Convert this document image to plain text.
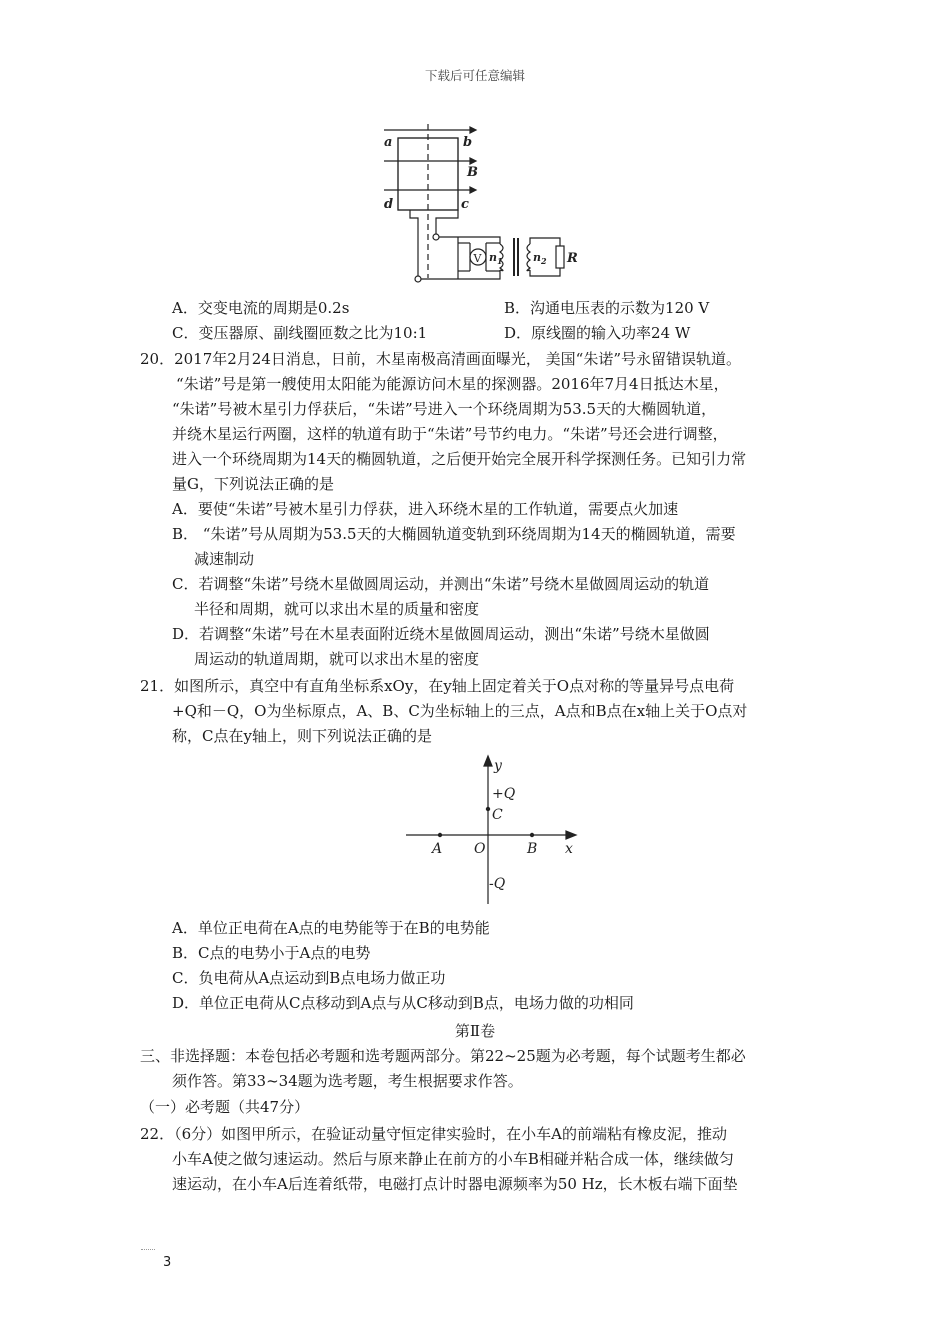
下载后可任意编辑
a	b
B
d	c
$n_1$	$n_2$ R
V
A．交变电流的周期是0.2s	B．沟通电压表的示数为120 V
C．变压器原、副线圈匝数之比为10:1	D．原线圈的输入功率24 W
20．2017年2月24日消息，日前，木星南极高清画面曝光， 美国“朱诺”号永留错误轨道。
“朱诺”号是第一艘使用太阳能为能源访问木星的探测器。2016年7月4日抵达木星，
“朱诺”号被木星引力俘获后，“朱诺”号进入一个环绕周期为53.5天的大椭圆轨道，
并绕木星运行两圈，这样的轨道有助于“朱诺”号节约电力。“朱诺”号还会进行调整，
进入一个环绕周期为14天的椭圆轨道，之后便开始完全展开科学探测任务。已知引力常
量G，下列说法正确的是
A．要使“朱诺”号被木星引力俘获，进入环绕木星的工作轨道，需要点火加速
B． “朱诺”号从周期为53.5天的大椭圆轨道变轨到环绕周期为14天的椭圆轨道，需要
减速制动
C．若调整“朱诺”号绕木星做圆周运动，并测出“朱诺”号绕木星做圆周运动的轨道
半径和周期，就可以求出木星的质量和密度
D．若调整“朱诺”号在木星表面附近绕木星做圆周运动，测出“朱诺”号绕木星做圆
周运动的轨道周期，就可以求出木星的密度
21．如图所示，真空中有直角坐标系xOy，在y轴上固定着关于O点对称的等量异号点电荷
+Q和－Q，O为坐标原点，A、B、C为坐标轴上的三点，A点和B点在x轴上关于O点对
称，C点在y轴上，则下列说法正确的是
y
+Q
C
A O	B x
-Q
A．单位正电荷在A点的电势能等于在B的电势能
B．C点的电势小于A点的电势
C．负电荷从A点运动到B点电场力做正功
D．单位正电荷从C点移动到A点与从C移动到B点，电场力做的功相同
第Ⅱ卷
三、非选择题：本卷包括必考题和选考题两部分。第22~25题为必考题，每个试题考生都必
须作答。第33~34题为选考题，考生根据要求作答。
（一）必考题（共47分）
22．（6分）如图甲所示，在验证动量守恒定律实验时，在小车A的前端粘有橡皮泥，推动
小车A使之做匀速运动。然后与原来静止在前方的小车B相碰并粘合成一体，继续做匀
速运动，在小车A后连着纸带，电磁打点计时器电源频率为50 Hz，长木板右端下面垫
3
